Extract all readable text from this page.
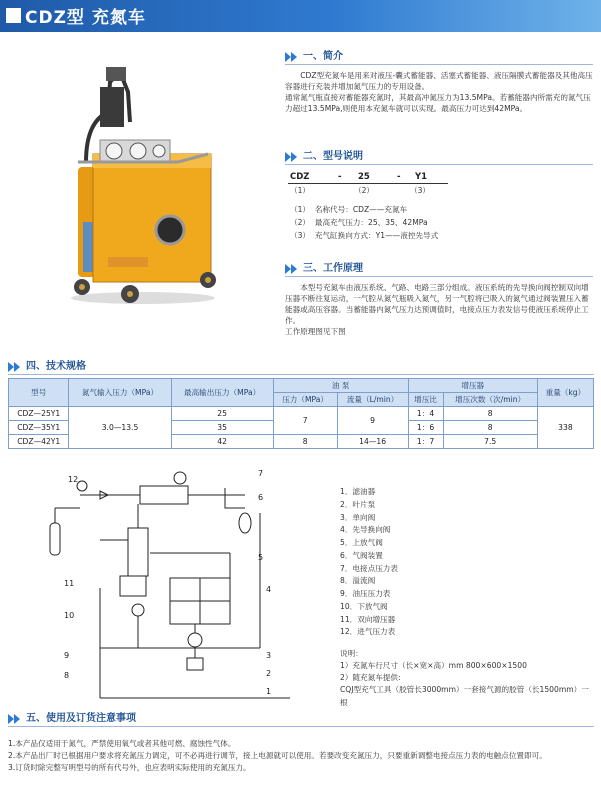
CDZ型 充氮车
一、简介

CDZ型充氮车是用来对液压-囊式蓄能器、活塞式蓄能器、液压隔膜式蓄能器及其他高压容器进行充装并增加氮气压力的专用设备。

通常氮气瓶直接对蓄能器充氮时，其最高冲氮压力为13.5MPa。若蓄能器内所需充的氮气压力超过13.5MPa,则使用本充氮车就可以实现。最高压力可达到42MPa。

二、型号说明
CDZ	- 25	- Y1
（1）	（2）	（3）

（1） 名称代号：CDZ——充氮车

（2） 最高充气压力：25、35、42MPa

（3） 充气缸换向方式：Y1——液控先导式

三、工作原理

本型号充氮车由液压系统、气路、电路三部分组成。液压系统的先导换向阀控制双向增压器不断往复运动，一气腔从氮气瓶吸入氮气，另一气腔将已吸入的氮气通过阀装置压入蓄能器或高压容器。当蓄能器内氮气压力达预调值时，电接点压力表发信号使液压系统停止工作。

工作原理图见下图

四、技术规格
型号	氮气输入压力（MPa）	最高输出压力（MPa）	油 泵		增压器		重量（kg）
			压力（MPa）	流量（L/min）	增压比	增压次数（次/min）	
CDZ—25Y1	3.0—13.5	25	7	9	1：4	8	338
CDZ—35Y1		35			1：6	8	
CDZ—42Y1		42	8	14—16	1：7	7.5	
12
7
6
5
11
10
9
8
4
3
2
1

1．滤油器

2．叶片泵

3．单向阀

4．先导换向阀

5．上放气阀

6．气阀装置

7．电接点压力表

8．溢流阀

9．油压压力表

10．下放气阀

11．双向增压器

12．进气压力表

说明：

1）充氮车行尺寸（长×宽×高）mm 800×600×1500

2）随充氮车提供:

CQJ型充气工具（胶管长3000mm）一套接气源的胶管（长1500mm）一根

五、使用及订货注意事项

1.本产品仅适用于氮气，严禁使用氧气或者其他可燃、腐蚀性气体。

2.本产品出厂时已根据用户要求将充氮压力调定，可不必再进行调节，接上电源就可以使用。若要改变充氮压力，只要重新调整电接点压力表的电触点位置即可。

3.订货时除完整写明型号的所有代号外，也应表明实际使用的充氮压力。
